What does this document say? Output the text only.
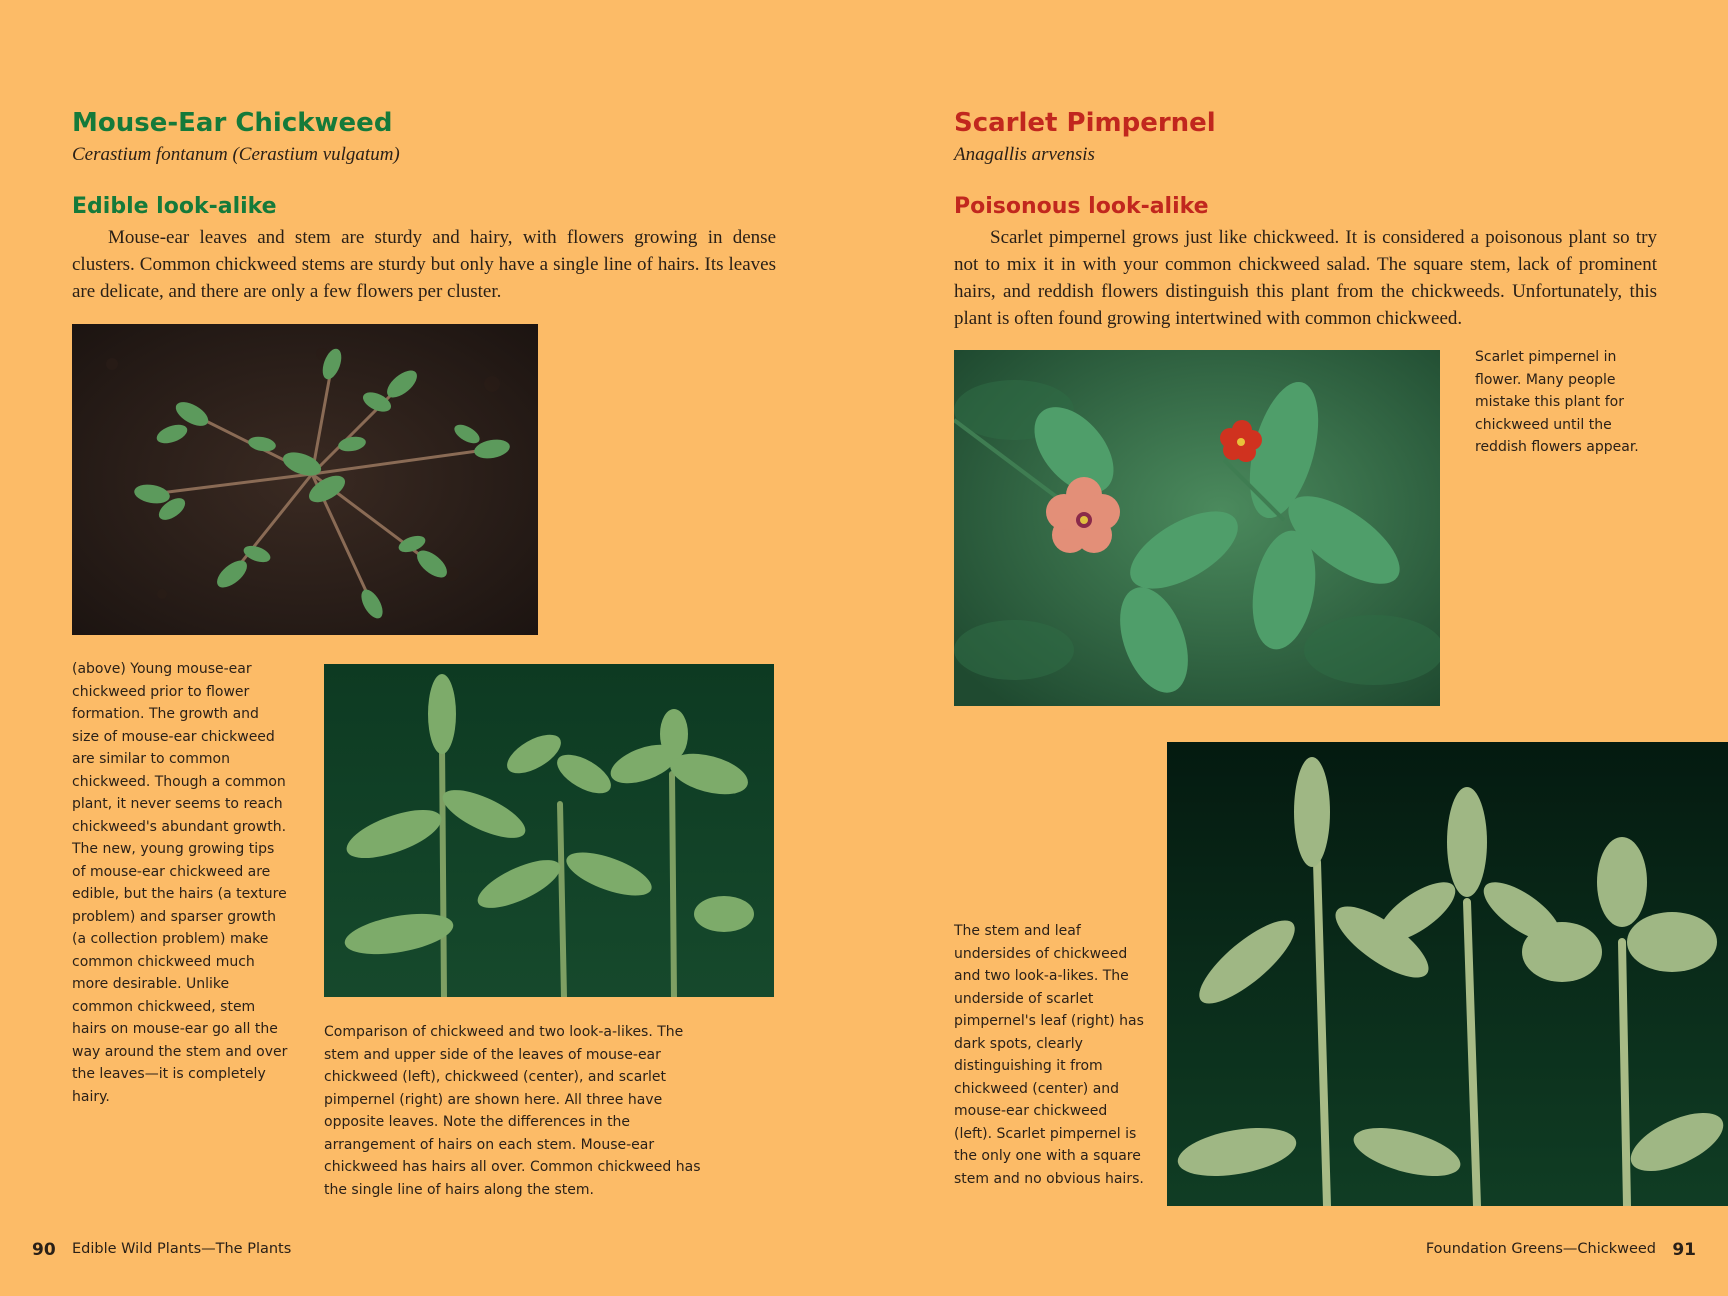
Mouse-Ear Chickweed
Cerastium fontanum (Cerastium vulgatum)
Edible look-alike

Mouse-ear leaves and stem are sturdy and hairy, with flowers growing in dense clusters. Common chickweed stems are sturdy but only have a single line of hairs. Its leaves are delicate, and there are only a few flowers per cluster.

(above) Young mouse-ear chickweed prior to flower formation. The growth and size of mouse-ear chickweed are similar to common chickweed. Though a common plant, it never seems to reach chickweed's abundant growth. The new, young growing tips of mouse-ear chickweed are edible, but the hairs (a texture problem) and sparser growth (a collection problem) make common chickweed much more desirable. Unlike common chickweed, stem hairs on mouse-ear go all the way around the stem and over the leaves—it is completely hairy.

Comparison of chickweed and two look-a-likes. The stem and upper side of the leaves of mouse-ear chickweed (left), chickweed (center), and scarlet pimpernel (right) are shown here. All three have opposite leaves. Note the differences in the arrangement of hairs on each stem. Mouse-ear chickweed has hairs all over. Common chickweed has the single line of hairs along the stem.

90 Edible Wild Plants—The Plants
Scarlet Pimpernel
Anagallis arvensis
Poisonous look-alike

Scarlet pimpernel grows just like chickweed. It is considered a poisonous plant so try not to mix it in with your common chickweed salad. The square stem, lack of prominent hairs, and reddish flowers distinguish this plant from the chickweeds. Unfortunately, this plant is often found growing intertwined with common chickweed.

Scarlet pimpernel in flower. Many people mistake this plant for chickweed until the reddish flowers appear.

The stem and leaf undersides of chickweed and two look-a-likes. The underside of scarlet pimpernel's leaf (right) has dark spots, clearly distinguishing it from chickweed (center) and mouse-ear chickweed (left). Scarlet pimpernel is the only one with a square stem and no obvious hairs.

Foundation Greens—Chickweed 91
